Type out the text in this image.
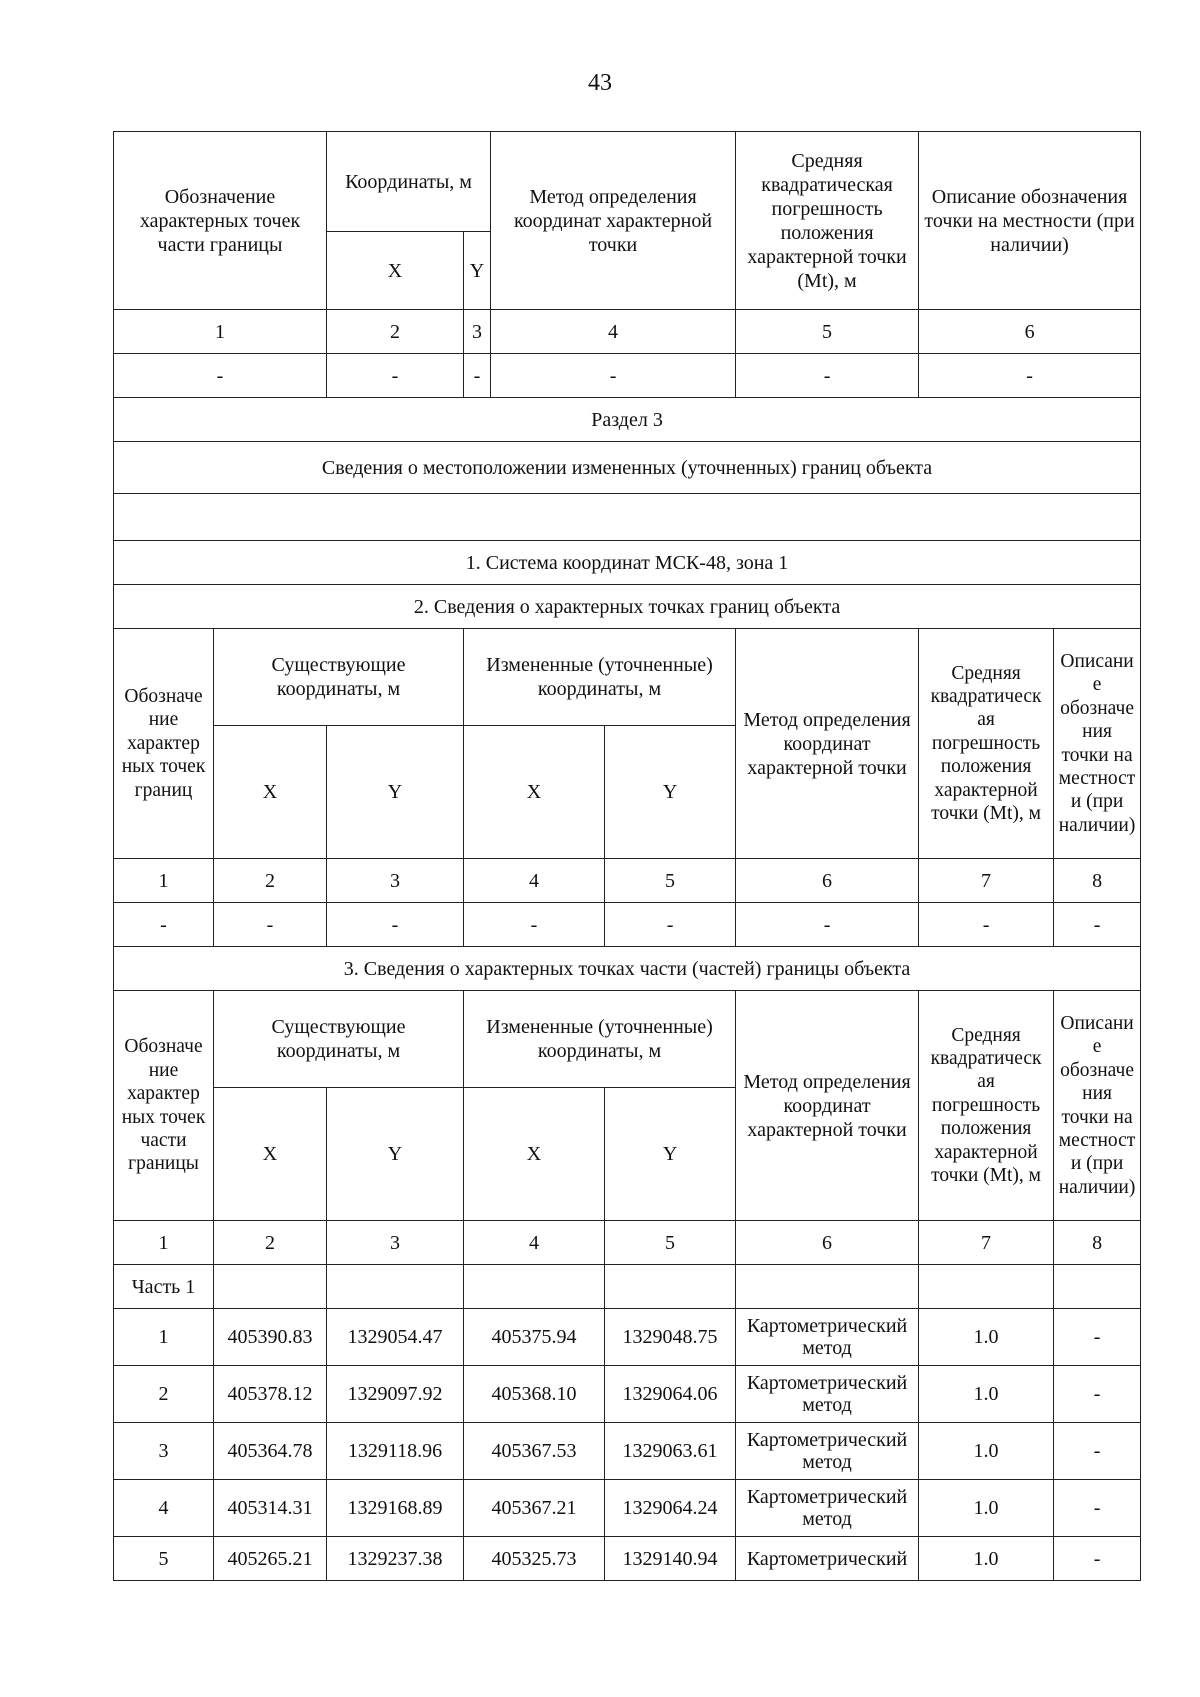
43
Обозначение характерных точек части границы		Координаты, м		Метод определения координат характерной точки		Средняя квадратическая погрешность положения характерной точки (Mt), м	Описание обозначения точки на местности (при наличии)	
		X	Y					
1		2	3	4		5	6	
-		-	-	-		-	-	
Раздел 3								
Сведения о местоположении измененных (уточненных) границ объекта								

1. Система координат МСК-48, зона 1								
2. Сведения о характерных точках границ объекта								
Обозначе ние характер ных точек границ	Существующие координаты, м		Измененные (уточненные) координаты, м			Метод определения координат характерной точки	Средняя квадратическ ая погрешность положения характерной точки (Mt), м	Описани е обозначе ния точки на местност и (при наличии)
	X	Y	X		Y			
1	2	3	4		5	6	7	8
-	-	-	-		-	-	-	-
3. Сведения о характерных точках части (частей) границы объекта								
Обозначе ние характер ных точек части границы	Существующие координаты, м		Измененные (уточненные) координаты, м			Метод определения координат характерной точки	Средняя квадратическ ая погрешность положения характерной точки (Mt), м	Описани е обозначе ния точки на местност и (при наличии)
	X	Y	X		Y			
1	2	3	4		5	6	7	8
Часть 1								
1	405390.83	1329054.47	405375.94		1329048.75	Картометрический метод	1.0	-
2	405378.12	1329097.92	405368.10		1329064.06	Картометрический метод	1.0	-
3	405364.78	1329118.96	405367.53		1329063.61	Картометрический метод	1.0	-
4	405314.31	1329168.89	405367.21		1329064.24	Картометрический метод	1.0	-
5	405265.21	1329237.38	405325.73		1329140.94	Картометрический	1.0	-
